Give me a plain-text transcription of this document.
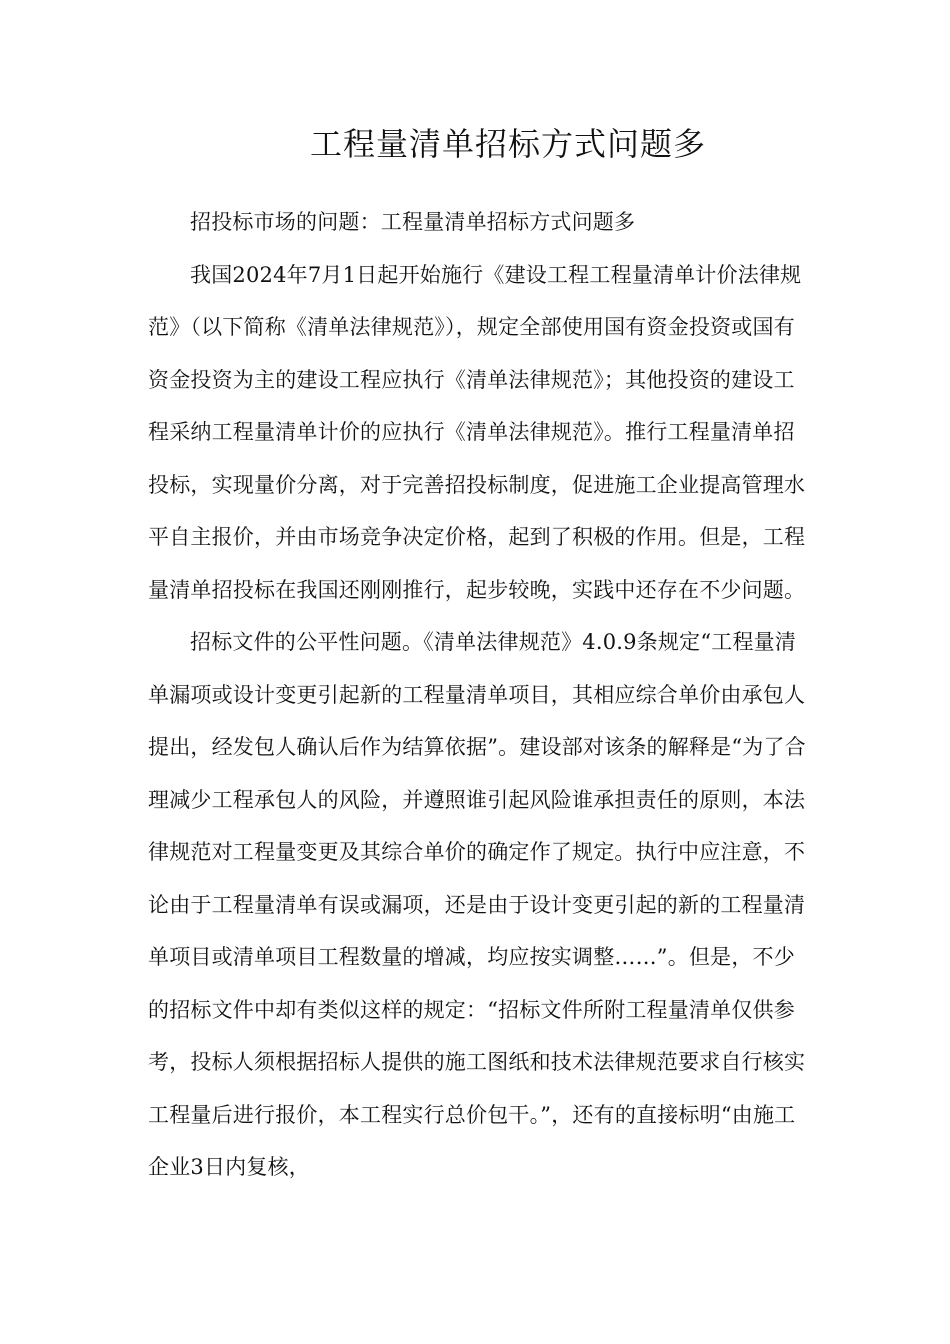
工程量清单招标方式问题多

招投标市场的问题：工程量清单招标方式问题多

我国2024年7月1日起开始施行《建设工程工程量清单计价法律规范》（以下简称《清单法律规范》），规定全部使用国有资金投资或国有资金投资为主的建设工程应执行《清单法律规范》；其他投资的建设工程采纳工程量清单计价的应执行《清单法律规范》。推行工程量清单招投标，实现量价分离，对于完善招投标制度，促进施工企业提高管理水平自主报价，并由市场竞争决定价格，起到了积极的作用。但是，工程量清单招投标在我国还刚刚推行，起步较晚，实践中还存在不少问题。

招标文件的公平性问题。《清单法律规范》4.0.9条规定“工程量清单漏项或设计变更引起新的工程量清单项目，其相应综合单价由承包人提出，经发包人确认后作为结算依据”。建设部对该条的解释是“为了合理减少工程承包人的风险，并遵照谁引起风险谁承担责任的原则，本法律规范对工程量变更及其综合单价的确定作了规定。执行中应注意，不论由于工程量清单有误或漏项，还是由于设计变更引起的新的工程量清单项目或清单项目工程数量的增减，均应按实调整……”。但是，不少的招标文件中却有类似这样的规定：“招标文件所附工程量清单仅供参考，投标人须根据招标人提供的施工图纸和技术法律规范要求自行核实工程量后进行报价，本工程实行总价包干。”，还有的直接标明“由施工企业3日内复核，
